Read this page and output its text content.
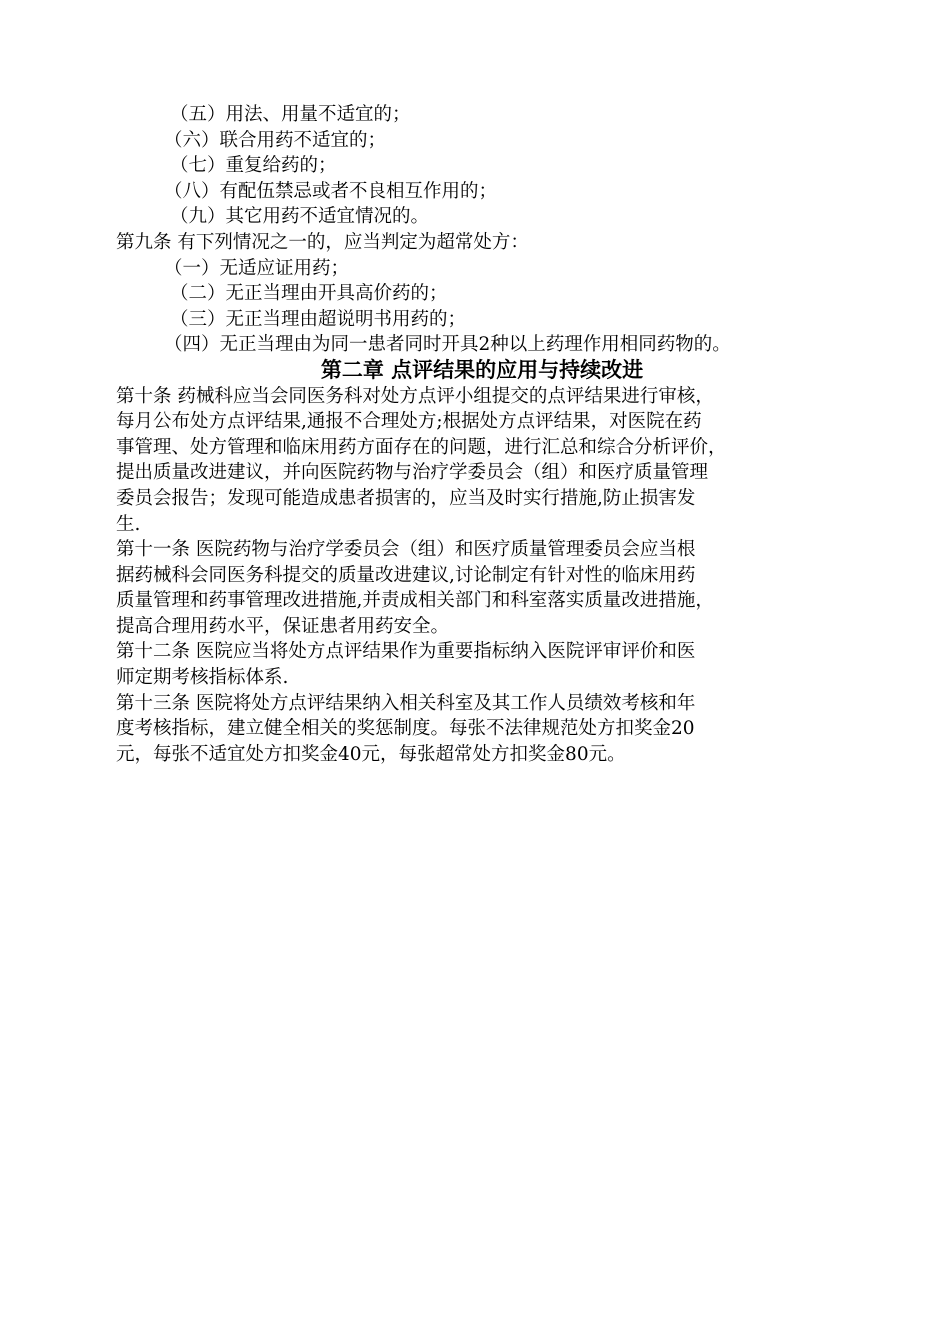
（五）用法、用量不适宜的；
（六）联合用药不适宜的；
（七）重复给药的；
（八）有配伍禁忌或者不良相互作用的；
（九）其它用药不适宜情况的。
第九条 有下列情况之一的，应当判定为超常处方：
（一）无适应证用药；
（二）无正当理由开具高价药的；
（三）无正当理由超说明书用药的；
（四）无正当理由为同一患者同时开具2种以上药理作用相同药物的。
第二章 点评结果的应用与持续改进
第十条 药械科应当会同医务科对处方点评小组提交的点评结果进行审核，
每月公布处方点评结果,通报不合理处方;根据处方点评结果，对医院在药
事管理、处方管理和临床用药方面存在的问题，进行汇总和综合分析评价，
提出质量改进建议，并向医院药物与治疗学委员会（组）和医疗质量管理
委员会报告；发现可能造成患者损害的，应当及时实行措施,防止损害发
生.
第十一条 医院药物与治疗学委员会（组）和医疗质量管理委员会应当根
据药械科会同医务科提交的质量改进建议,讨论制定有针对性的临床用药
质量管理和药事管理改进措施,并责成相关部门和科室落实质量改进措施，
提高合理用药水平，保证患者用药安全。
第十二条 医院应当将处方点评结果作为重要指标纳入医院评审评价和医
师定期考核指标体系.
第十三条 医院将处方点评结果纳入相关科室及其工作人员绩效考核和年
度考核指标，建立健全相关的奖惩制度。每张不法律规范处方扣奖金20
元，每张不适宜处方扣奖金40元，每张超常处方扣奖金80元。
